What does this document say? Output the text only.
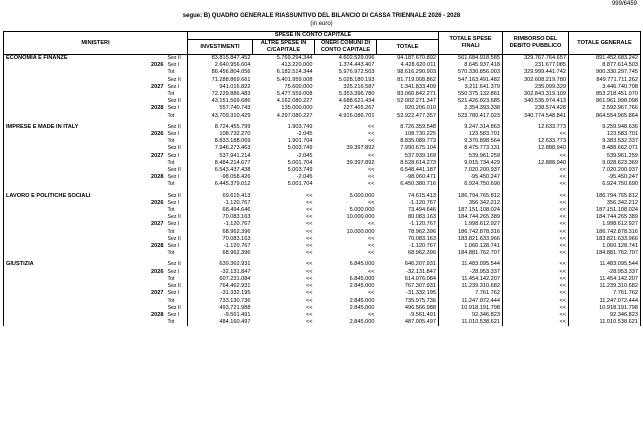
999/6459
segue: B) QUADRO GENERALE RIASSUNTIVO DEL BILANCIO DI CASSA TRIENNALE 2026 - 2028
(in euro)
MINISTERI			SPESE IN CONTO CAPITALE				TOTALE SPESE FINALI	RIMBORSO DEL DEBITO PUBBLICO	TOTALE GENERALE
			INVESTIMENTI	ALTRE SPESE IN C/CAPITALE	ONERI COMUNI DI CONTO CAPITALE	TOTALE			
ECONOMIA E FINANZE		Sez II	83.815.847.452	5.769.294.344	4.602.529.096	94.187.670.892	561.684.918.585	329.767.764.657	891.452.683.242
	2026	Sez I	2.640.956.604	413.220.000	1.374.443.407	4.428.620.011	8.645.937.418	231.677.085	8.877.614.503
		Tot	86.456.804.056	6.182.514.344	5.976.972.503	98.616.290.903	570.330.856.003	329.999.441.742	900.330.297.745
		Sez II	71.288.869.661	5.401.959.008	5.028.180.193	81.719.008.862	547.163.491.482	302.608.219.780	849.771.711.262
	2027	Sez I	941.016.822	75.600.000	325.216.587	1.341.833.409	3.211.641.379	235.099.329	3.446.740.708
		Tot	72.229.886.483	5.477.559.008	5.353.396.780	83.060.842.271	550.375.132.861	302.843.319.109	853.218.451.970
		Sez II	43.151.569.686	4.162.080.227	4.688.621.434	52.002.271.347	521.426.023.685	340.535.974.413	861.961.998.098
	2028	Sez I	557.740.743	135.000.000	227.465.267	920.206.010	2.354.393.338	238.574.428	2.592.967.766
		Tot	43.709.310.429	4.297.080.227	4.916.086.701	52.922.477.357	523.780.417.023	340.774.548.841	864.554.965.864

IMPRESE E MADE IN ITALY		Sez II	8.724.455.799	1.903.749	<<	8.726.359.548	9.247.314.863	12.633.773	9.259.948.636
	2026	Sez I	108.732.270	-2.045	<<	108.730.225	123.583.701	<<	123.583.701
		Tot	8.833.188.069	1.901.704	<<	8.835.089.773	9.370.898.564	12.633.773	9.383.532.337
		Sez II	7.946.273.463	5.003.749	39.397.892	7.990.675.104	8.475.773.131	12.888.940	8.488.662.071
	2027	Sez I	537.941.214	-2.045	<<	537.939.169	539.961.259	<<	539.961.259
		Tot	8.484.214.677	5.001.704	39.397.892	8.528.614.273	9.015.734.429	12.888.940	9.028.623.369
		Sez II	6.543.437.438	5.003.749	<<	6.548.441.187	7.020.200.937	<<	7.020.200.937
	2028	Sez I	-98.058.426	-2.045	<<	-98.060.471	-95.450.247	<<	-95.450.247
		Tot	6.445.379.012	5.001.704	<<	6.450.380.716	6.924.750.690	<<	6.924.750.690

LAVORO E POLITICHE SOCIALI		Sez II	69.615.413	<<	5.000.000	74.615.413	186.794.765.812	<<	186.794.765.812
	2026	Sez I	-1.120.767	<<	<<	-1.120.767	356.342.212	<<	356.342.212
		Tot	68.494.646	<<	5.000.000	73.494.646	187.151.108.024	<<	187.151.108.024
		Sez II	70.083.163	<<	10.000.000	80.083.163	184.744.265.389	<<	184.744.265.389
	2027	Sez I	-1.120.767	<<	<<	-1.120.767	1.998.612.927	<<	1.998.612.927
		Tot	68.962.396	<<	10.000.000	78.962.396	186.742.878.316	<<	186.742.878.316
		Sez II	70.083.163	<<	<<	70.083.163	183.821.633.966	<<	183.821.633.966
	2028	Sez I	-1.120.767	<<	<<	-1.120.767	1.060.128.741	<<	1.060.128.741
		Tot	68.962.396	<<	<<	68.962.396	184.881.762.707	<<	184.881.762.707

GIUSTIZIA		Sez II	639.362.931	<<	6.845.000	646.207.931	11.483.095.544	<<	11.483.095.544
	2026	Sez I	-32.131.847	<<	<<	-32.131.847	-28.953.337	<<	-28.953.337
		Tot	607.231.084	<<	6.845.000	614.076.084	11.454.142.207	<<	11.454.142.207
		Sez II	764.462.931	<<	2.845.000	767.307.931	11.239.310.682	<<	11.239.310.682
	2027	Sez I	-31.332.195	<<	<<	-31.332.195	7.761.762	<<	7.761.762
		Tot	733.130.736	<<	2.845.000	735.975.736	11.247.072.444	<<	11.247.072.444
		Sez II	493.721.988	<<	2.845.000	496.566.988	10.918.191.798	<<	10.918.191.798
	2028	Sez I	-9.561.491	<<	<<	-9.561.491	92.346.823	<<	92.346.823
		Tot	484.160.497	<<	2.845.000	487.005.497	11.010.538.621	<<	11.010.538.621
